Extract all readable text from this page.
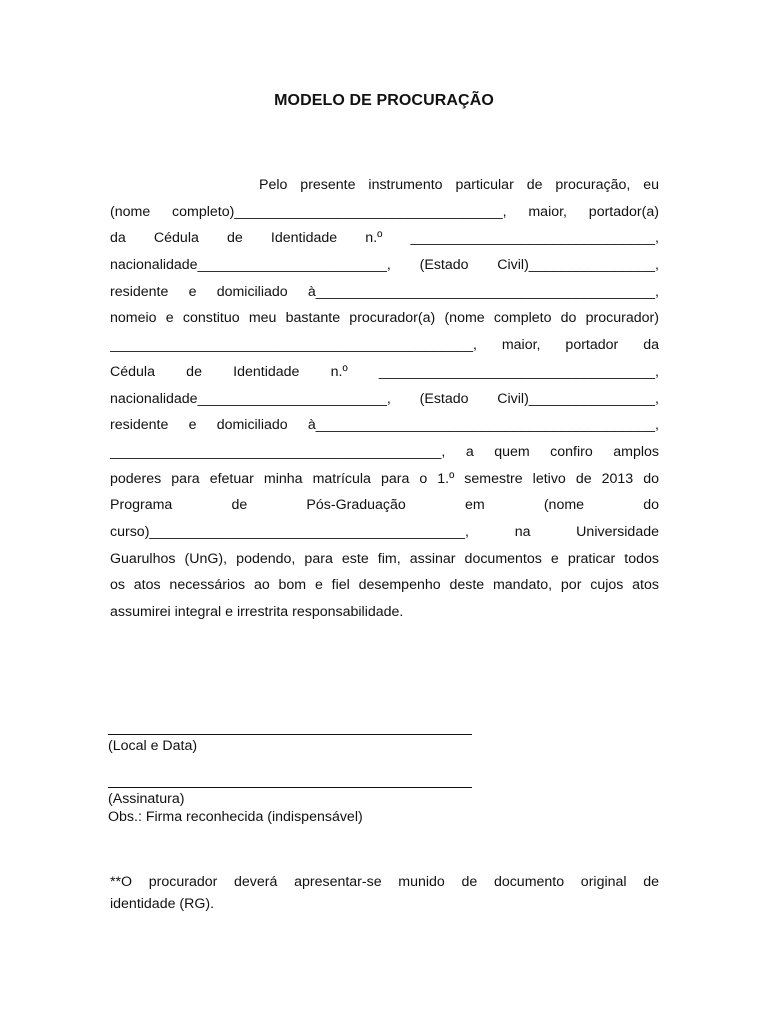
MODELO DE PROCURAÇÃO
Pelo presente instrumento particular de procuração, eu
(nome completo)__________________________________, maior, portador(a)
da Cédula de Identidade n.º _______________________________,
nacionalidade________________________, (Estado Civil)________________,
residente e domiciliado à___________________________________________,
nomeio e constituo meu bastante procurador(a) (nome completo do procurador)
______________________________________________, maior, portador da
Cédula de Identidade n.º ___________________________________,
nacionalidade________________________, (Estado Civil)________________,
residente e domiciliado à___________________________________________,
__________________________________________, a quem confiro amplos
poderes para efetuar minha matrícula para o 1.º semestre letivo de 2013 do
Programa de Pós-Graduação em (nome do
curso)________________________________________, na Universidade
Guarulhos (UnG), podendo, para este fim, assinar documentos e praticar todos
os atos necessários ao bom e fiel desempenho deste mandato, por cujos atos
assumirei integral e irrestrita responsabilidade.
(Local e Data)
(Assinatura)
Obs.: Firma reconhecida (indispensável)
**O procurador deverá apresentar-se munido de documento original de
identidade (RG).
